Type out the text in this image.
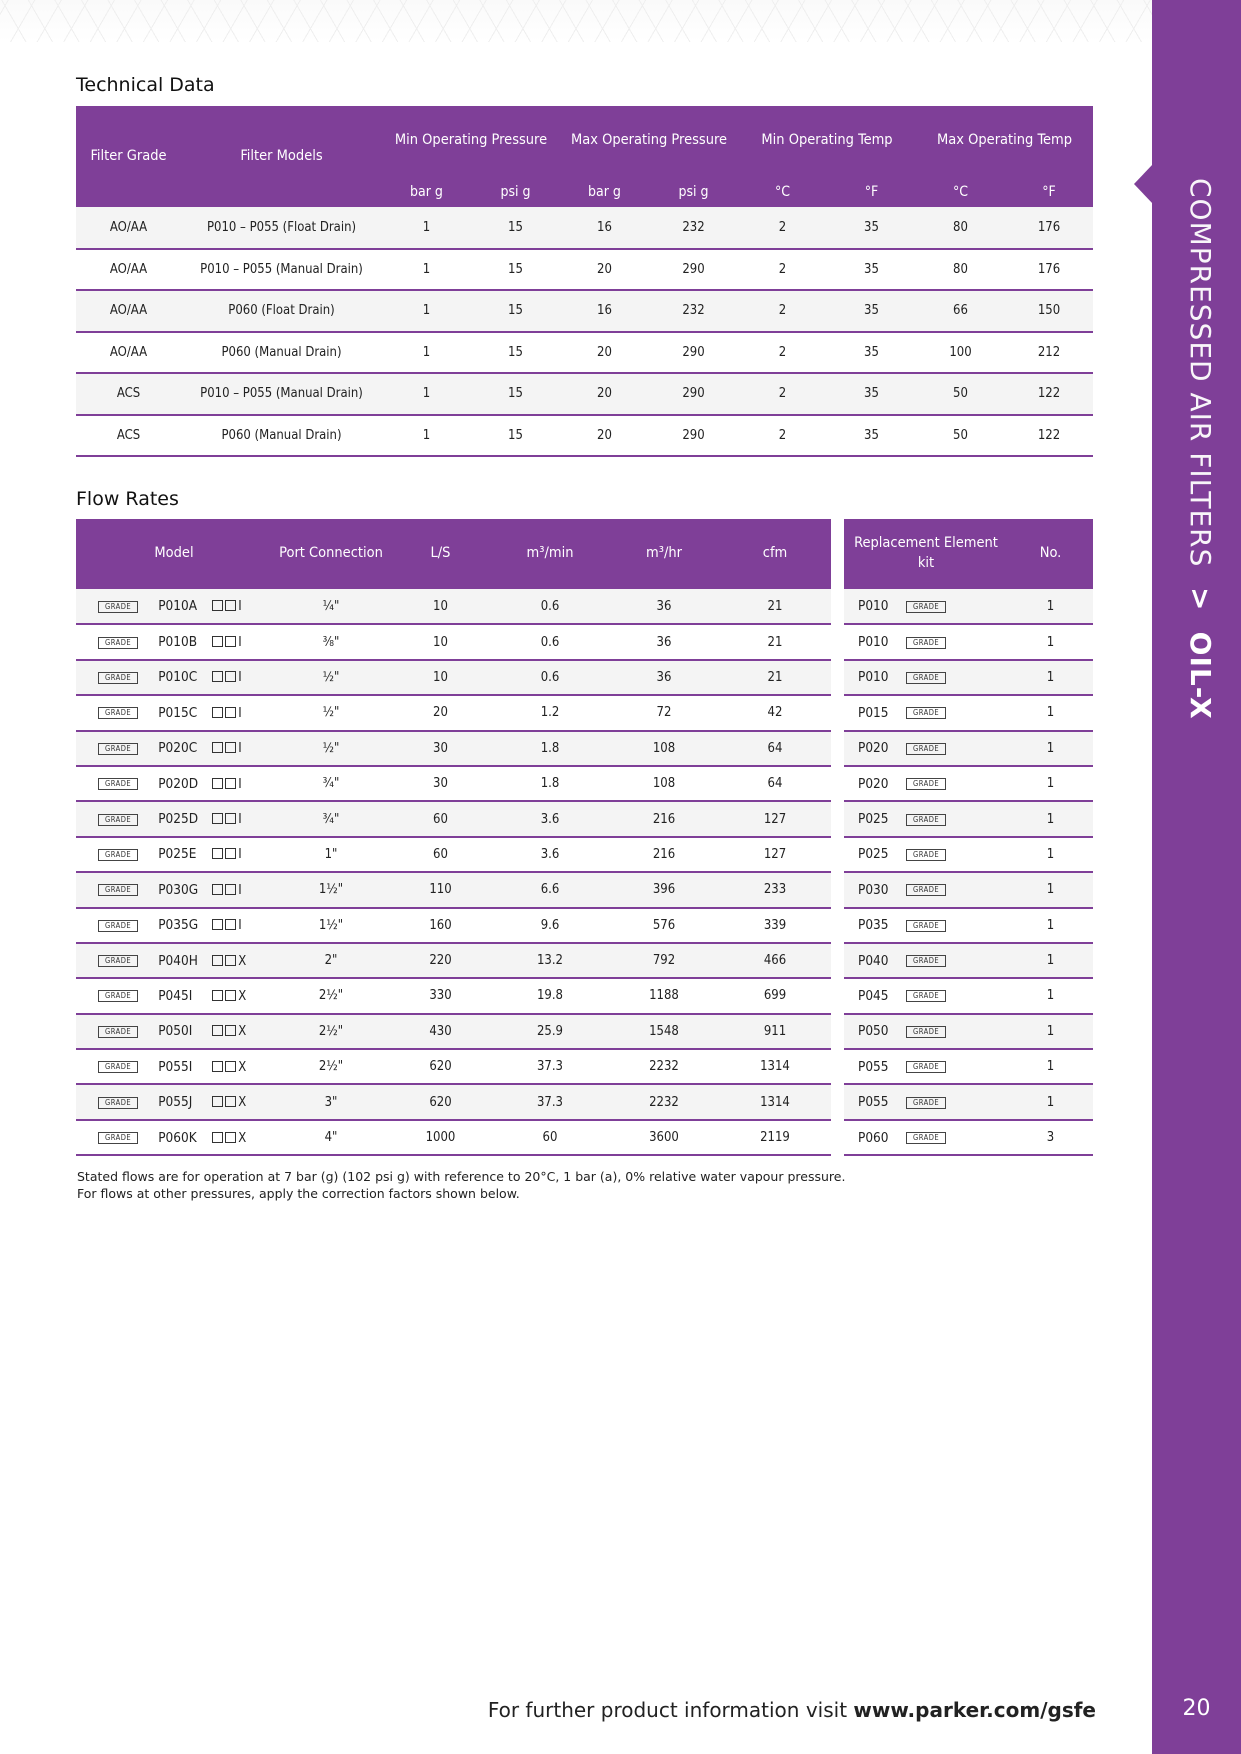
COMPRESSED AIR FILTERS > OIL-X
20
Technical Data
Filter Grade	Filter Models	Min Operating Pressure		Max Operating Pressure		Min Operating Temp		Max Operating Temp	
		bar g	psi g	bar g	psi g	°C	°F	°C	°F
AO/AA	P010 – P055 (Float Drain)	1	15	16	232	2	35	80	176
AO/AA	P010 – P055 (Manual Drain)	1	15	20	290	2	35	80	176
AO/AA	P060 (Float Drain)	1	15	16	232	2	35	66	150
AO/AA	P060 (Manual Drain)	1	15	20	290	2	35	100	212
ACS	P010 – P055 (Manual Drain)	1	15	20	290	2	35	50	122
ACS	P060 (Manual Drain)	1	15	20	290	2	35	50	122
Flow Rates
Model	Port Connection	L/S	m³/min	m³/hr	cfm
GRADE P010A I	¼"	10	0.6	36	21
GRADE P010B I	⅜"	10	0.6	36	21
GRADE P010C I	½"	10	0.6	36	21
GRADE P015C I	½"	20	1.2	72	42
GRADE P020C I	½"	30	1.8	108	64
GRADE P020D I	¾"	30	1.8	108	64
GRADE P025D I	¾"	60	3.6	216	127
GRADE P025E I	1"	60	3.6	216	127
GRADE P030G I	1½"	110	6.6	396	233
GRADE P035G I	1½"	160	9.6	576	339
GRADE P040H X	2"	220	13.2	792	466
GRADE P045I X	2½"	330	19.8	1188	699
GRADE P050I X	2½"	430	25.9	1548	911
GRADE P055I X	2½"	620	37.3	2232	1314
GRADE P055J X	3"	620	37.3	2232	1314
GRADE P060K X	4"	1000	60	3600	2119
Replacement Element kit	No.
P010 GRADE	1
P010 GRADE	1
P010 GRADE	1
P015 GRADE	1
P020 GRADE	1
P020 GRADE	1
P025 GRADE	1
P025 GRADE	1
P030 GRADE	1
P035 GRADE	1
P040 GRADE	1
P045 GRADE	1
P050 GRADE	1
P055 GRADE	1
P055 GRADE	1
P060 GRADE	3
Stated flows are for operation at 7 bar (g) (102 psi g) with reference to 20°C, 1 bar (a), 0% relative water vapour pressure.
For flows at other pressures, apply the correction factors shown below.
For further product information visit www.parker.com/gsfe
